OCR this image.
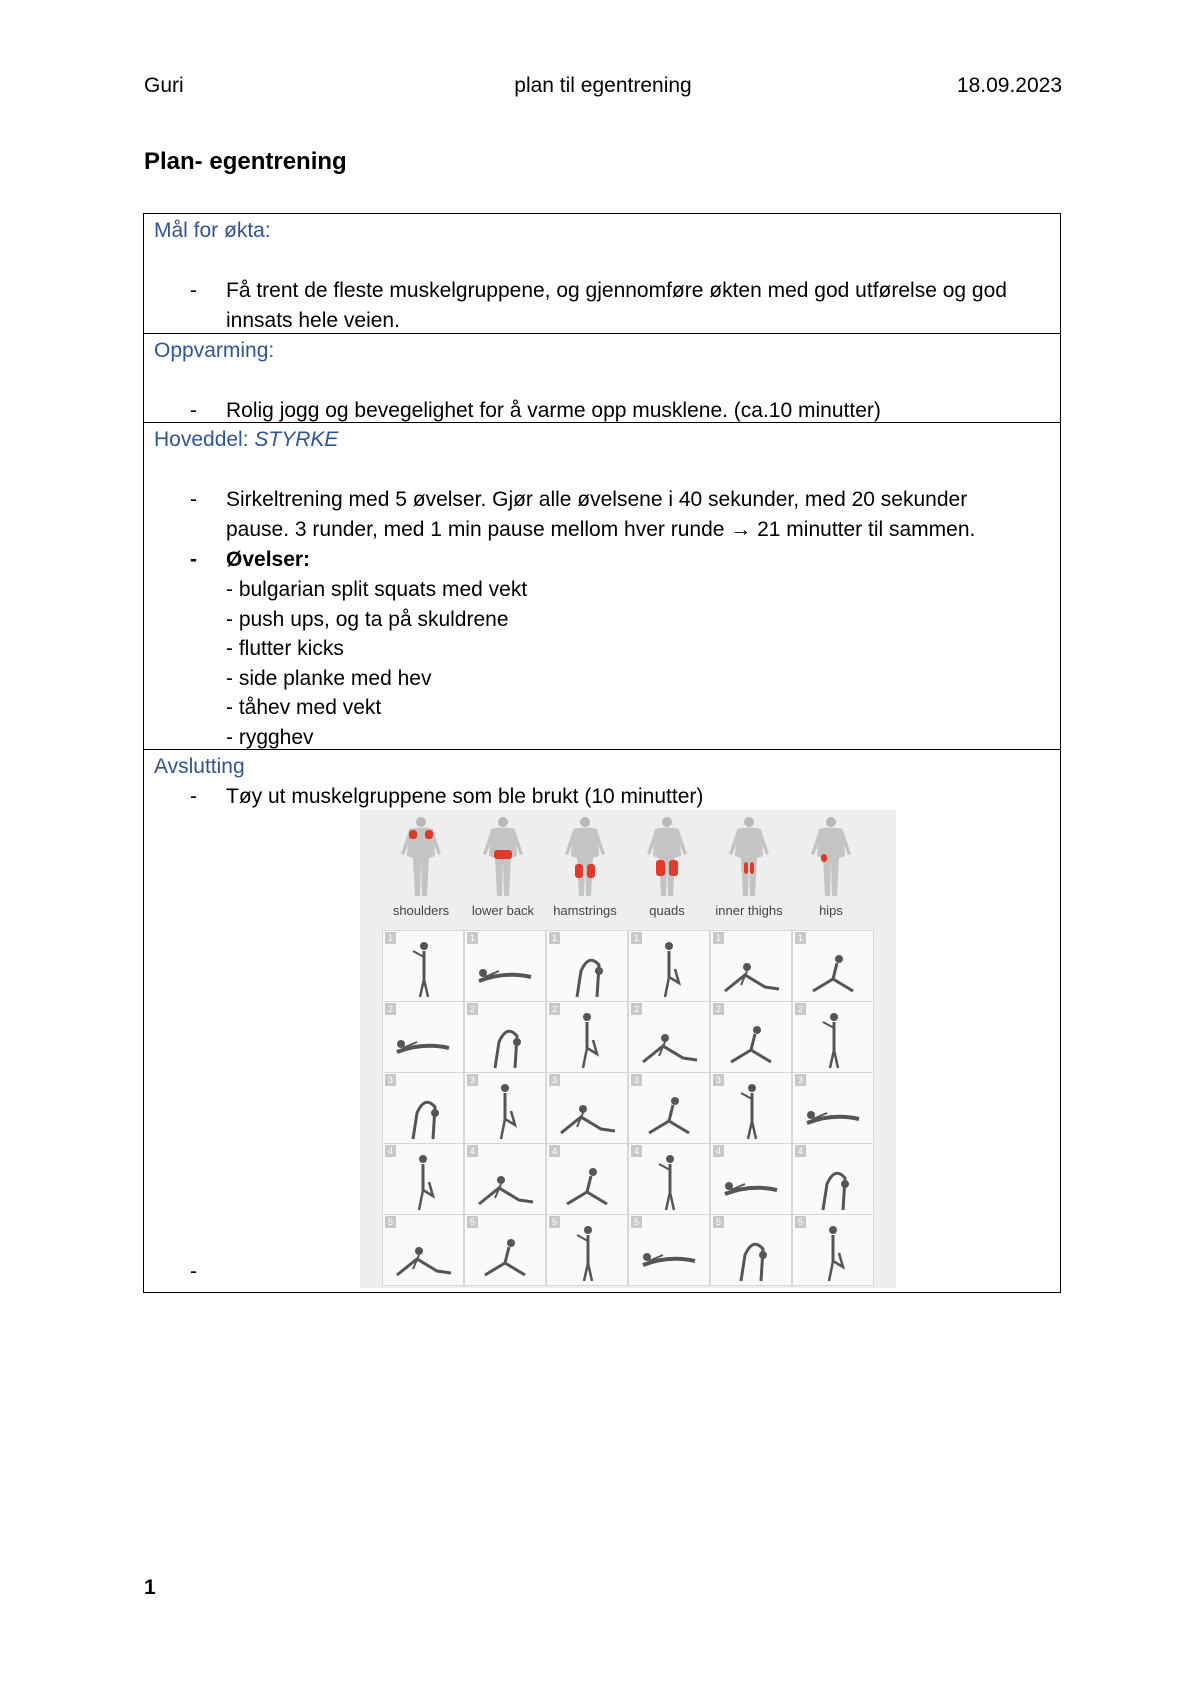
Guri	plan til egentrening	18.09.2023
Plan- egentrening
Mål for økta:
-	Få trent de fleste muskelgruppene, og gjennomføre økten med god utførelse og god innsats hele veien.
Oppvarming:
-	Rolig jogg og bevegelighet for å varme opp musklene. (ca.10 minutter)
Hoveddel: STYRKE
-	Sirkeltrening med 5 øvelser. Gjør alle øvelsene i 40 sekunder, med 20 sekunder pause. 3 runder, med 1 min pause mellom hver runde → 21 minutter til sammen.
-	Øvelser:
- bulgarian split squats med vekt
- push ups, og ta på skuldrene
- flutter kicks
- side planke med hev
- tåhev med vekt
- rygghev
Avslutting
-	Tøy ut muskelgruppene som ble brukt (10 minutter)
shoulders	lower back	hamstrings	quads	inner thighs	hips
1	1	1	1	1	1
2	2	2	2	2	2
3	3	3	3	3	3
4	4	4	4	4	4
5	5	5	5	5	5
-
1
